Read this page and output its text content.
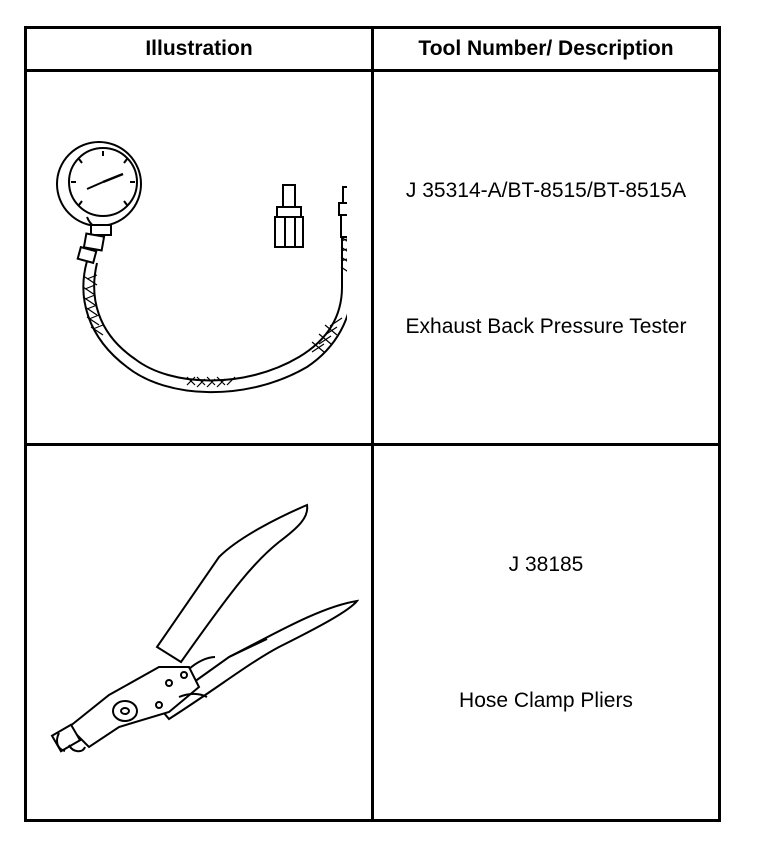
Illustration	Tool Number/ Description
J 35314-A/BT-8515/BT-8515A
Exhaust Back Pressure Tester
J 38185
Hose Clamp Pliers
